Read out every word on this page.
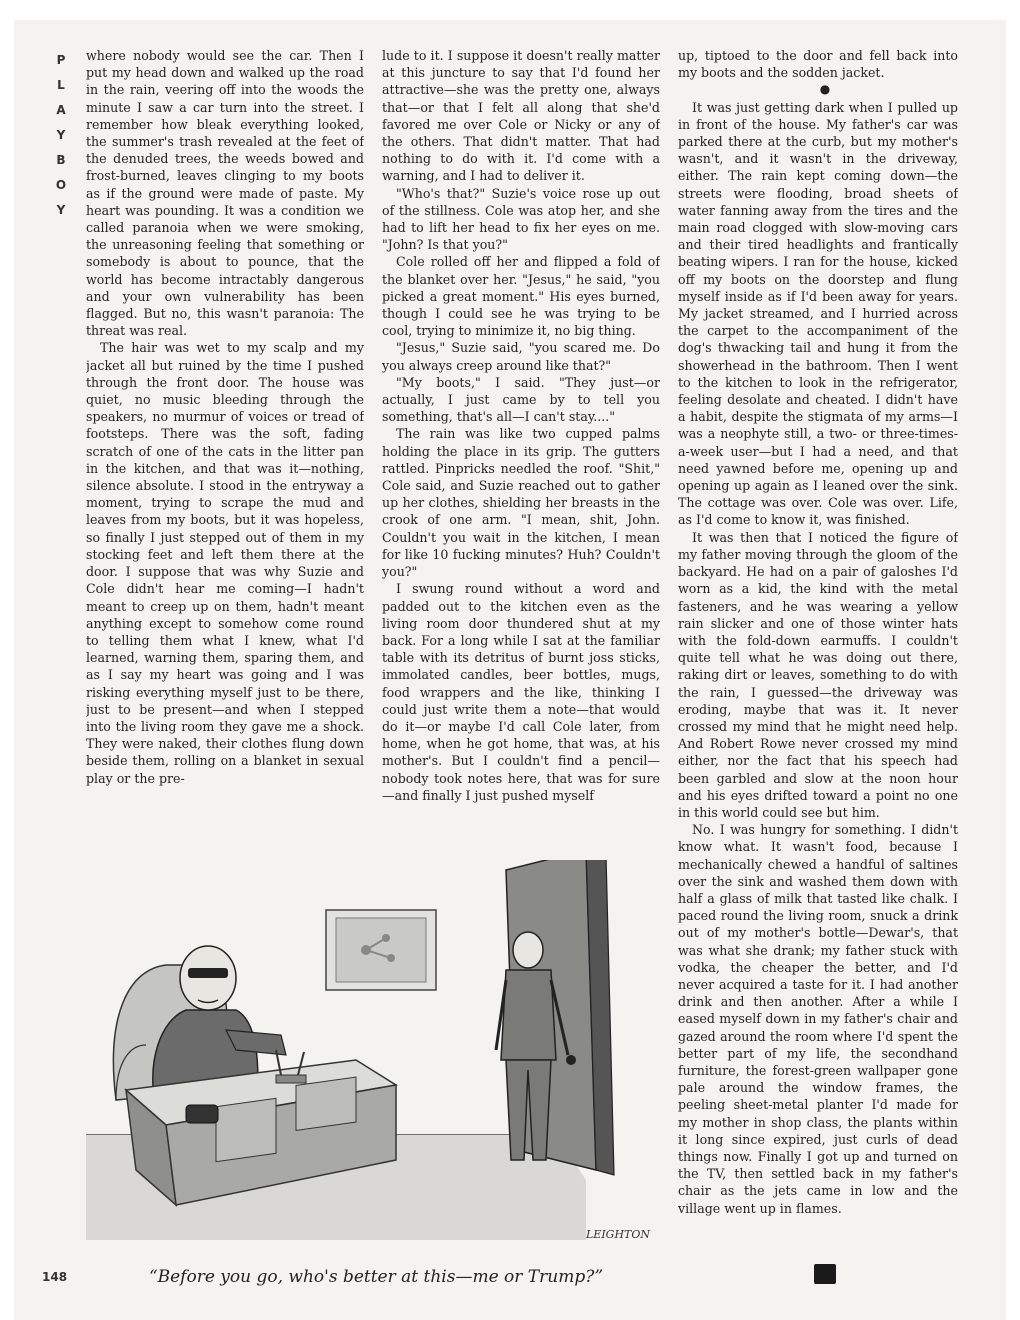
P
L
A
Y
B
O
Y

where nobody would see the car. Then I put my head down and walked up the road in the rain, veering off into the woods the minute I saw a car turn into the street. I remember how bleak everything looked, the summer's trash revealed at the feet of the denuded trees, the weeds bowed and frost-burned, leaves clinging to my boots as if the ground were made of paste. My heart was pounding. It was a condition we called paranoia when we were smoking, the unreasoning feeling that something or somebody is about to pounce, that the world has become intractably dangerous and your own vulnerability has been flagged. But no, this wasn't paranoia: The threat was real.

The hair was wet to my scalp and my jacket all but ruined by the time I pushed through the front door. The house was quiet, no music bleeding through the speakers, no murmur of voices or tread of footsteps. There was the soft, fading scratch of one of the cats in the litter pan in the kitchen, and that was it—nothing, silence absolute. I stood in the entryway a moment, trying to scrape the mud and leaves from my boots, but it was hopeless, so finally I just stepped out of them in my stocking feet and left them there at the door. I suppose that was why Suzie and Cole didn't hear me coming—I hadn't meant to creep up on them, hadn't meant anything except to somehow come round to telling them what I knew, what I'd learned, warning them, sparing them, and as I say my heart was going and I was risking everything myself just to be there, just to be present—and when I stepped into the living room they gave me a shock. They were naked, their clothes flung down beside them, rolling on a blanket in sexual play or the pre-

lude to it. I suppose it doesn't really matter at this juncture to say that I'd found her attractive—she was the pretty one, always that—or that I felt all along that she'd favored me over Cole or Nicky or any of the others. That didn't matter. That had nothing to do with it. I'd come with a warning, and I had to deliver it.

"Who's that?" Suzie's voice rose up out of the stillness. Cole was atop her, and she had to lift her head to fix her eyes on me. "John? Is that you?"

Cole rolled off her and flipped a fold of the blanket over her. "Jesus," he said, "you picked a great moment." His eyes burned, though I could see he was trying to be cool, trying to minimize it, no big thing.

"Jesus," Suzie said, "you scared me. Do you always creep around like that?"

"My boots," I said. "They just—or actually, I just came by to tell you something, that's all—I can't stay...."

The rain was like two cupped palms holding the place in its grip. The gutters rattled. Pinpricks needled the roof. "Shit," Cole said, and Suzie reached out to gather up her clothes, shielding her breasts in the crook of one arm. "I mean, shit, John. Couldn't you wait in the kitchen, I mean for like 10 fucking minutes? Huh? Couldn't you?"

I swung round without a word and padded out to the kitchen even as the living room door thundered shut at my back. For a long while I sat at the familiar table with its detritus of burnt joss sticks, immolated candles, beer bottles, mugs, food wrappers and the like, thinking I could just write them a note—that would do it—or maybe I'd call Cole later, from home, when he got home, that was, at his mother's. But I couldn't find a pencil—nobody took notes here, that was for sure—and finally I just pushed myself

up, tiptoed to the door and fell back into my boots and the sodden jacket.

●

It was just getting dark when I pulled up in front of the house. My father's car was parked there at the curb, but my mother's wasn't, and it wasn't in the driveway, either. The rain kept coming down—the streets were flooding, broad sheets of water fanning away from the tires and the main road clogged with slow-moving cars and their tired headlights and frantically beating wipers. I ran for the house, kicked off my boots on the doorstep and flung myself inside as if I'd been away for years. My jacket streamed, and I hurried across the carpet to the accompaniment of the dog's thwacking tail and hung it from the showerhead in the bathroom. Then I went to the kitchen to look in the refrigerator, feeling desolate and cheated. I didn't have a habit, despite the stigmata of my arms—I was a neophyte still, a two- or three-times-a-week user—but I had a need, and that need yawned before me, opening up and opening up again as I leaned over the sink. The cottage was over. Cole was over. Life, as I'd come to know it, was finished.

It was then that I noticed the figure of my father moving through the gloom of the backyard. He had on a pair of galoshes I'd worn as a kid, the kind with the metal fasteners, and he was wearing a yellow rain slicker and one of those winter hats with the fold-down earmuffs. I couldn't quite tell what he was doing out there, raking dirt or leaves, something to do with the rain, I guessed—the driveway was eroding, maybe that was it. It never crossed my mind that he might need help. And Robert Rowe never crossed my mind either, nor the fact that his speech had been garbled and slow at the noon hour and his eyes drifted toward a point no one in this world could see but him.

No. I was hungry for something. I didn't know what. It wasn't food, because I mechanically chewed a handful of saltines over the sink and washed them down with half a glass of milk that tasted like chalk. I paced round the living room, snuck a drink out of my mother's bottle—Dewar's, that was what she drank; my father stuck with vodka, the cheaper the better, and I'd never acquired a taste for it. I had another drink and then another. After a while I eased myself down in my father's chair and gazed around the room where I'd spent the better part of my life, the secondhand furniture, the forest-green wallpaper gone pale around the window frames, the peeling sheet-metal planter I'd made for my mother in shop class, the plants within it long since expired, just curls of dead things now. Finally I got up and turned on the TV, then settled back in my father's chair as the jets came in low and the village went up in flames.

LEIGHTON
“Before you go, who's better at this—me or Trump?”
148
